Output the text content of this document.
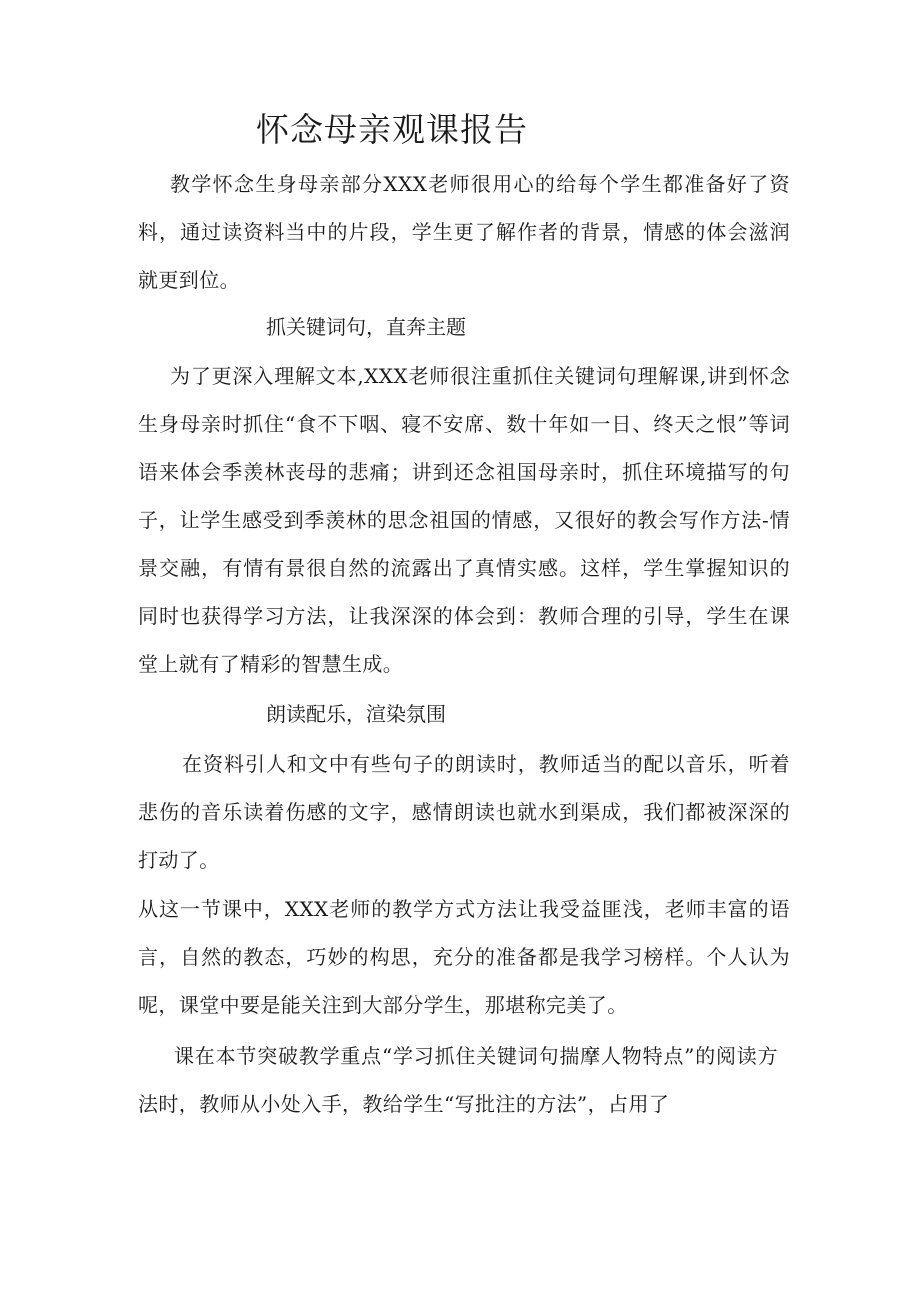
怀念母亲观课报告

教学怀念生身母亲部分XXX老师很用心的给每个学生都准备好了资料，通过读资料当中的片段，学生更了解作者的背景，情感的体会滋润就更到位。

抓关键词句，直奔主题

为了更深入理解文本,XXX老师很注重抓住关键词句理解课,讲到怀念生身母亲时抓住“食不下咽、寝不安席、数十年如一日、终天之恨”等词语来体会季羡林丧母的悲痛；讲到还念祖国母亲时，抓住环境描写的句子，让学生感受到季羡林的思念祖国的情感，又很好的教会写作方法-情景交融，有情有景很自然的流露出了真情实感。这样，学生掌握知识的同时也获得学习方法，让我深深的体会到：教师合理的引导，学生在课堂上就有了精彩的智慧生成。

朗读配乐，渲染氛围

在资料引人和文中有些句子的朗读时，教师适当的配以音乐，听着悲伤的音乐读着伤感的文字，感情朗读也就水到渠成，我们都被深深的打动了。

从这一节课中，XXX老师的教学方式方法让我受益匪浅，老师丰富的语言，自然的教态，巧妙的构思，充分的准备都是我学习榜样。个人认为呢，课堂中要是能关注到大部分学生，那堪称完美了。

课在本节突破教学重点“学习抓住关键词句揣摩人物特点”的阅读方法时，教师从小处入手，教给学生“写批注的方法”，占用了
